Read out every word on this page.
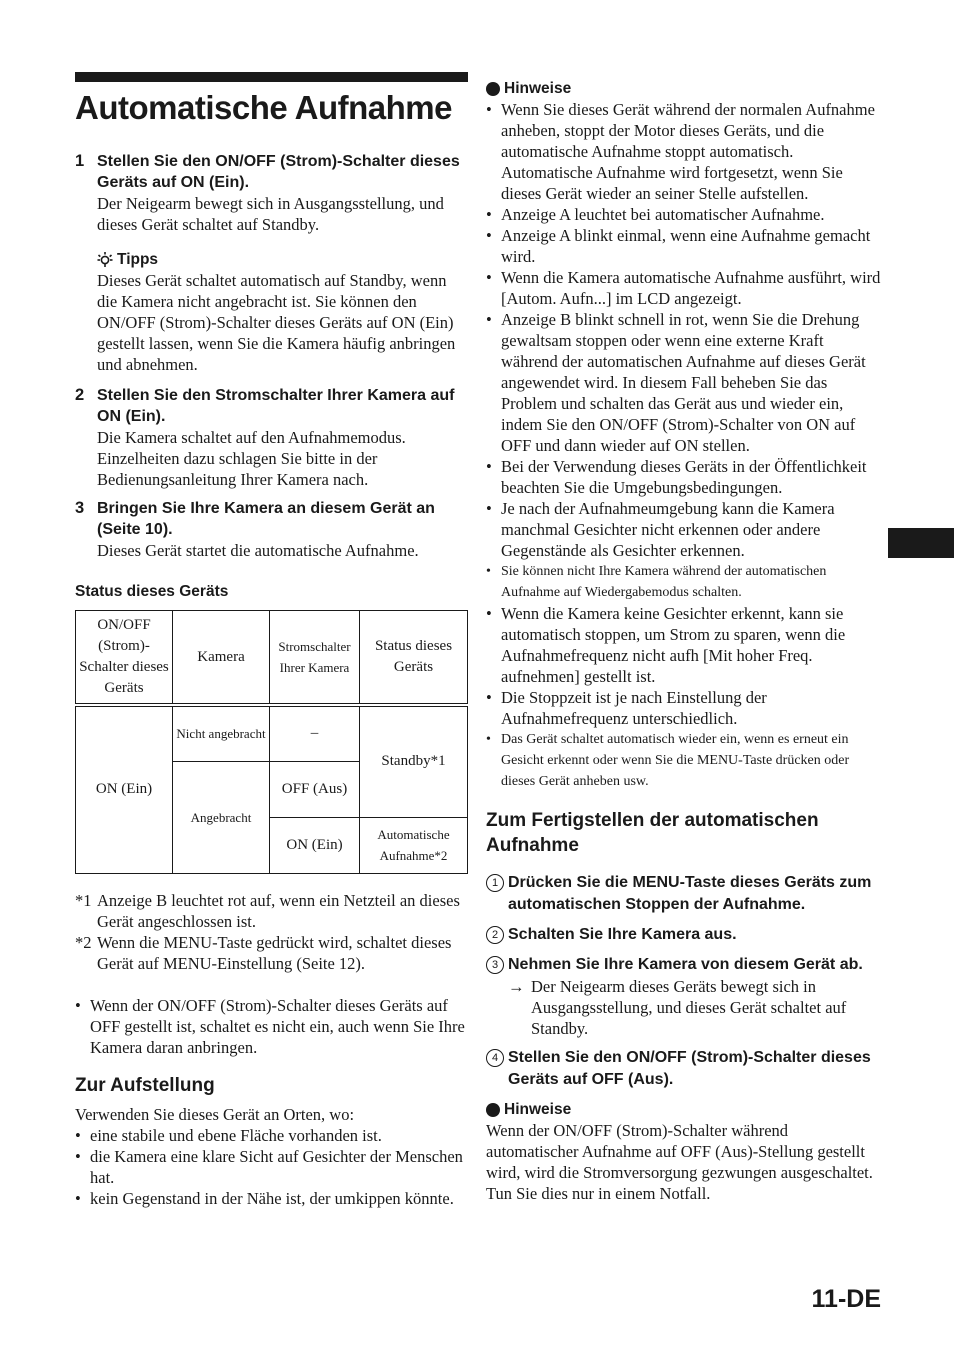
Automatische Aufnahme
1 Stellen Sie den ON/OFF (Strom)-Schalter dieses Geräts auf ON (Ein).
Der Neigearm bewegt sich in Ausgangsstellung, und dieses Gerät schaltet auf Standby.
Tipps
Dieses Gerät schaltet automatisch auf Standby, wenn die Kamera nicht angebracht ist. Sie können den ON/OFF (Strom)-Schalter dieses Geräts auf ON (Ein) gestellt lassen, wenn Sie die Kamera häufig anbringen und abnehmen.
2 Stellen Sie den Stromschalter Ihrer Kamera auf ON (Ein).
Die Kamera schaltet auf den Aufnahmemodus. Einzelheiten dazu schlagen Sie bitte in der Bedienungsanleitung Ihrer Kamera nach.
3 Bringen Sie Ihre Kamera an diesem Gerät an (Seite 10).
Dieses Gerät startet die automatische Aufnahme.
Status dieses Geräts
ON/OFF (Strom)-Schalter dieses Geräts	Kamera	Stromschalter Ihrer Kamera	Status dieses Geräts
ON (Ein)	Nicht angebracht	–	Standby*1
	Angebracht	OFF (Aus)	
		ON (Ein)	Automatische Aufnahme*2

*1 Anzeige B leuchtet rot auf, wenn ein Netzteil an dieses Gerät angeschlossen ist.

*2 Wenn die MENU-Taste gedrückt wird, schaltet dieses Gerät auf MENU-Einstellung (Seite 12).

• Wenn der ON/OFF (Strom)-Schalter dieses Geräts auf OFF gestellt ist, schaltet es nicht ein, auch wenn Sie Ihre Kamera daran anbringen.
Zur Aufstellung
Verwenden Sie dieses Gerät an Orten, wo:
• eine stabile und ebene Fläche vorhanden ist.
• die Kamera eine klare Sicht auf Gesichter der Menschen hat.
• kein Gegenstand in der Nähe ist, der umkippen könnte.
Hinweise
• Wenn Sie dieses Gerät während der normalen Aufnahme anheben, stoppt der Motor dieses Geräts, und die automatische Aufnahme stoppt automatisch. Automatische Aufnahme wird fortgesetzt, wenn Sie dieses Gerät wieder an seiner Stelle aufstellen.
• Anzeige A leuchtet bei automatischer Aufnahme.
• Anzeige A blinkt einmal, wenn eine Aufnahme gemacht wird.
• Wenn die Kamera automatische Aufnahme ausführt, wird [Autom. Aufn...] im LCD angezeigt.
• Anzeige B blinkt schnell in rot, wenn Sie die Drehung gewaltsam stoppen oder wenn eine externe Kraft während der automatischen Aufnahme auf dieses Gerät angewendet wird. In diesem Fall beheben Sie das Problem und schalten das Gerät aus und wieder ein, indem Sie den ON/OFF (Strom)-Schalter von ON auf OFF und dann wieder auf ON stellen.
• Bei der Verwendung dieses Geräts in der Öffentlichkeit beachten Sie die Umgebungsbedingungen.
• Je nach der Aufnahmeumgebung kann die Kamera manchmal Gesichter nicht erkennen oder andere Gegenstände als Gesichter erkennen.
• Sie können nicht Ihre Kamera während der automatischen Aufnahme auf Wiedergabemodus schalten.
• Wenn die Kamera keine Gesichter erkennt, kann sie automatisch stoppen, um Strom zu sparen, wenn die Aufnahmefrequenz nicht aufh [Mit hoher Freq. aufnehmen] gestellt ist.
• Die Stoppzeit ist je nach Einstellung der Aufnahmefrequenz unterschiedlich.
• Das Gerät schaltet automatisch wieder ein, wenn es erneut ein Gesicht erkennt oder wenn Sie die MENU-Taste drücken oder dieses Gerät anheben usw.
Zum Fertigstellen der automatischen Aufnahme
1 Drücken Sie die MENU-Taste dieses Geräts zum automatischen Stoppen der Aufnahme.
2 Schalten Sie Ihre Kamera aus.
3 Nehmen Sie Ihre Kamera von diesem Gerät ab.
→ Der Neigearm dieses Geräts bewegt sich in Ausgangsstellung, und dieses Gerät schaltet auf Standby.
4 Stellen Sie den ON/OFF (Strom)-Schalter dieses Geräts auf OFF (Aus).
Hinweise
Wenn der ON/OFF (Strom)-Schalter während automatischer Aufnahme auf OFF (Aus)-Stellung gestellt wird, wird die Stromversorgung gezwungen ausgeschaltet. Tun Sie dies nur in einem Notfall.
11-DE
